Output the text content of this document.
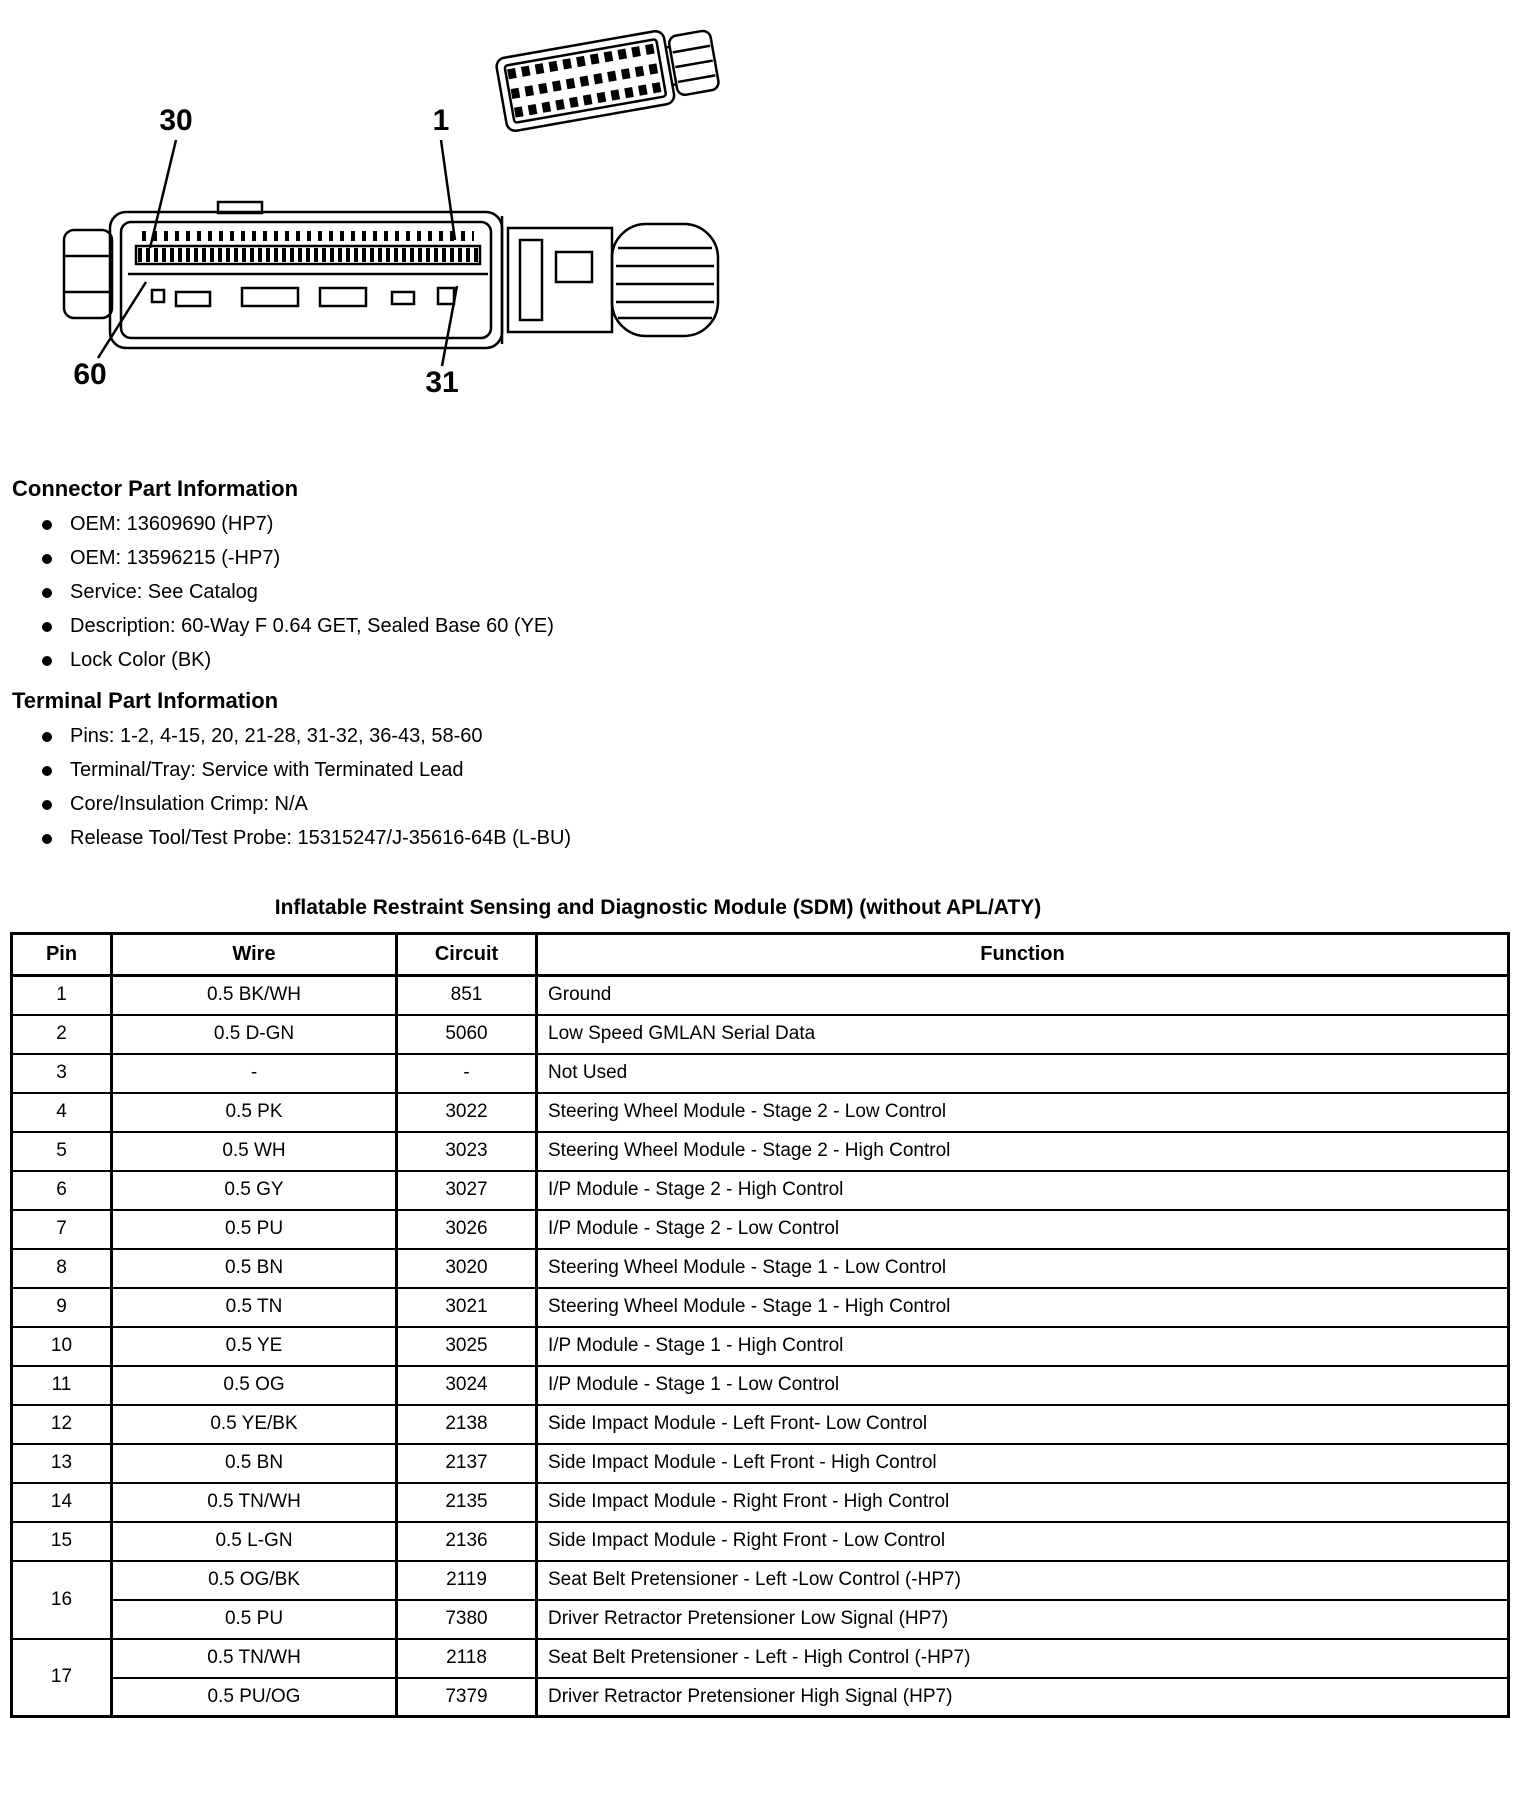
30	1
60	31
Connector Part Information
OEM: 13609690 (HP7)
OEM: 13596215 (-HP7)
Service: See Catalog
Description: 60-Way F 0.64 GET, Sealed Base 60 (YE)
Lock Color (BK)
Terminal Part Information
Pins: 1-2, 4-15, 20, 21-28, 31-32, 36-43, 58-60
Terminal/Tray: Service with Terminated Lead
Core/Insulation Crimp: N/A
Release Tool/Test Probe: 15315247/J-35616-64B (L-BU)
Inflatable Restraint Sensing and Diagnostic Module (SDM) (without APL/ATY)
Pin	Wire	Circuit	Function
1	0.5 BK/WH	851	Ground
2	0.5 D-GN	5060	Low Speed GMLAN Serial Data
3	-	-	Not Used
4	0.5 PK	3022	Steering Wheel Module - Stage 2 - Low Control
5	0.5 WH	3023	Steering Wheel Module - Stage 2 - High Control
6	0.5 GY	3027	I/P Module - Stage 2 - High Control
7	0.5 PU	3026	I/P Module - Stage 2 - Low Control
8	0.5 BN	3020	Steering Wheel Module - Stage 1 - Low Control
9	0.5 TN	3021	Steering Wheel Module - Stage 1 - High Control
10	0.5 YE	3025	I/P Module - Stage 1 - High Control
11	0.5 OG	3024	I/P Module - Stage 1 - Low Control
12	0.5 YE/BK	2138	Side Impact Module - Left Front- Low Control
13	0.5 BN	2137	Side Impact Module - Left Front - High Control
14	0.5 TN/WH	2135	Side Impact Module - Right Front - High Control
15	0.5 L-GN	2136	Side Impact Module - Right Front - Low Control
16	0.5 OG/BK	2119	Seat Belt Pretensioner - Left -Low Control (-HP7)
	0.5 PU	7380	Driver Retractor Pretensioner Low Signal (HP7)
17	0.5 TN/WH	2118	Seat Belt Pretensioner - Left - High Control (-HP7)
	0.5 PU/OG	7379	Driver Retractor Pretensioner High Signal (HP7)
